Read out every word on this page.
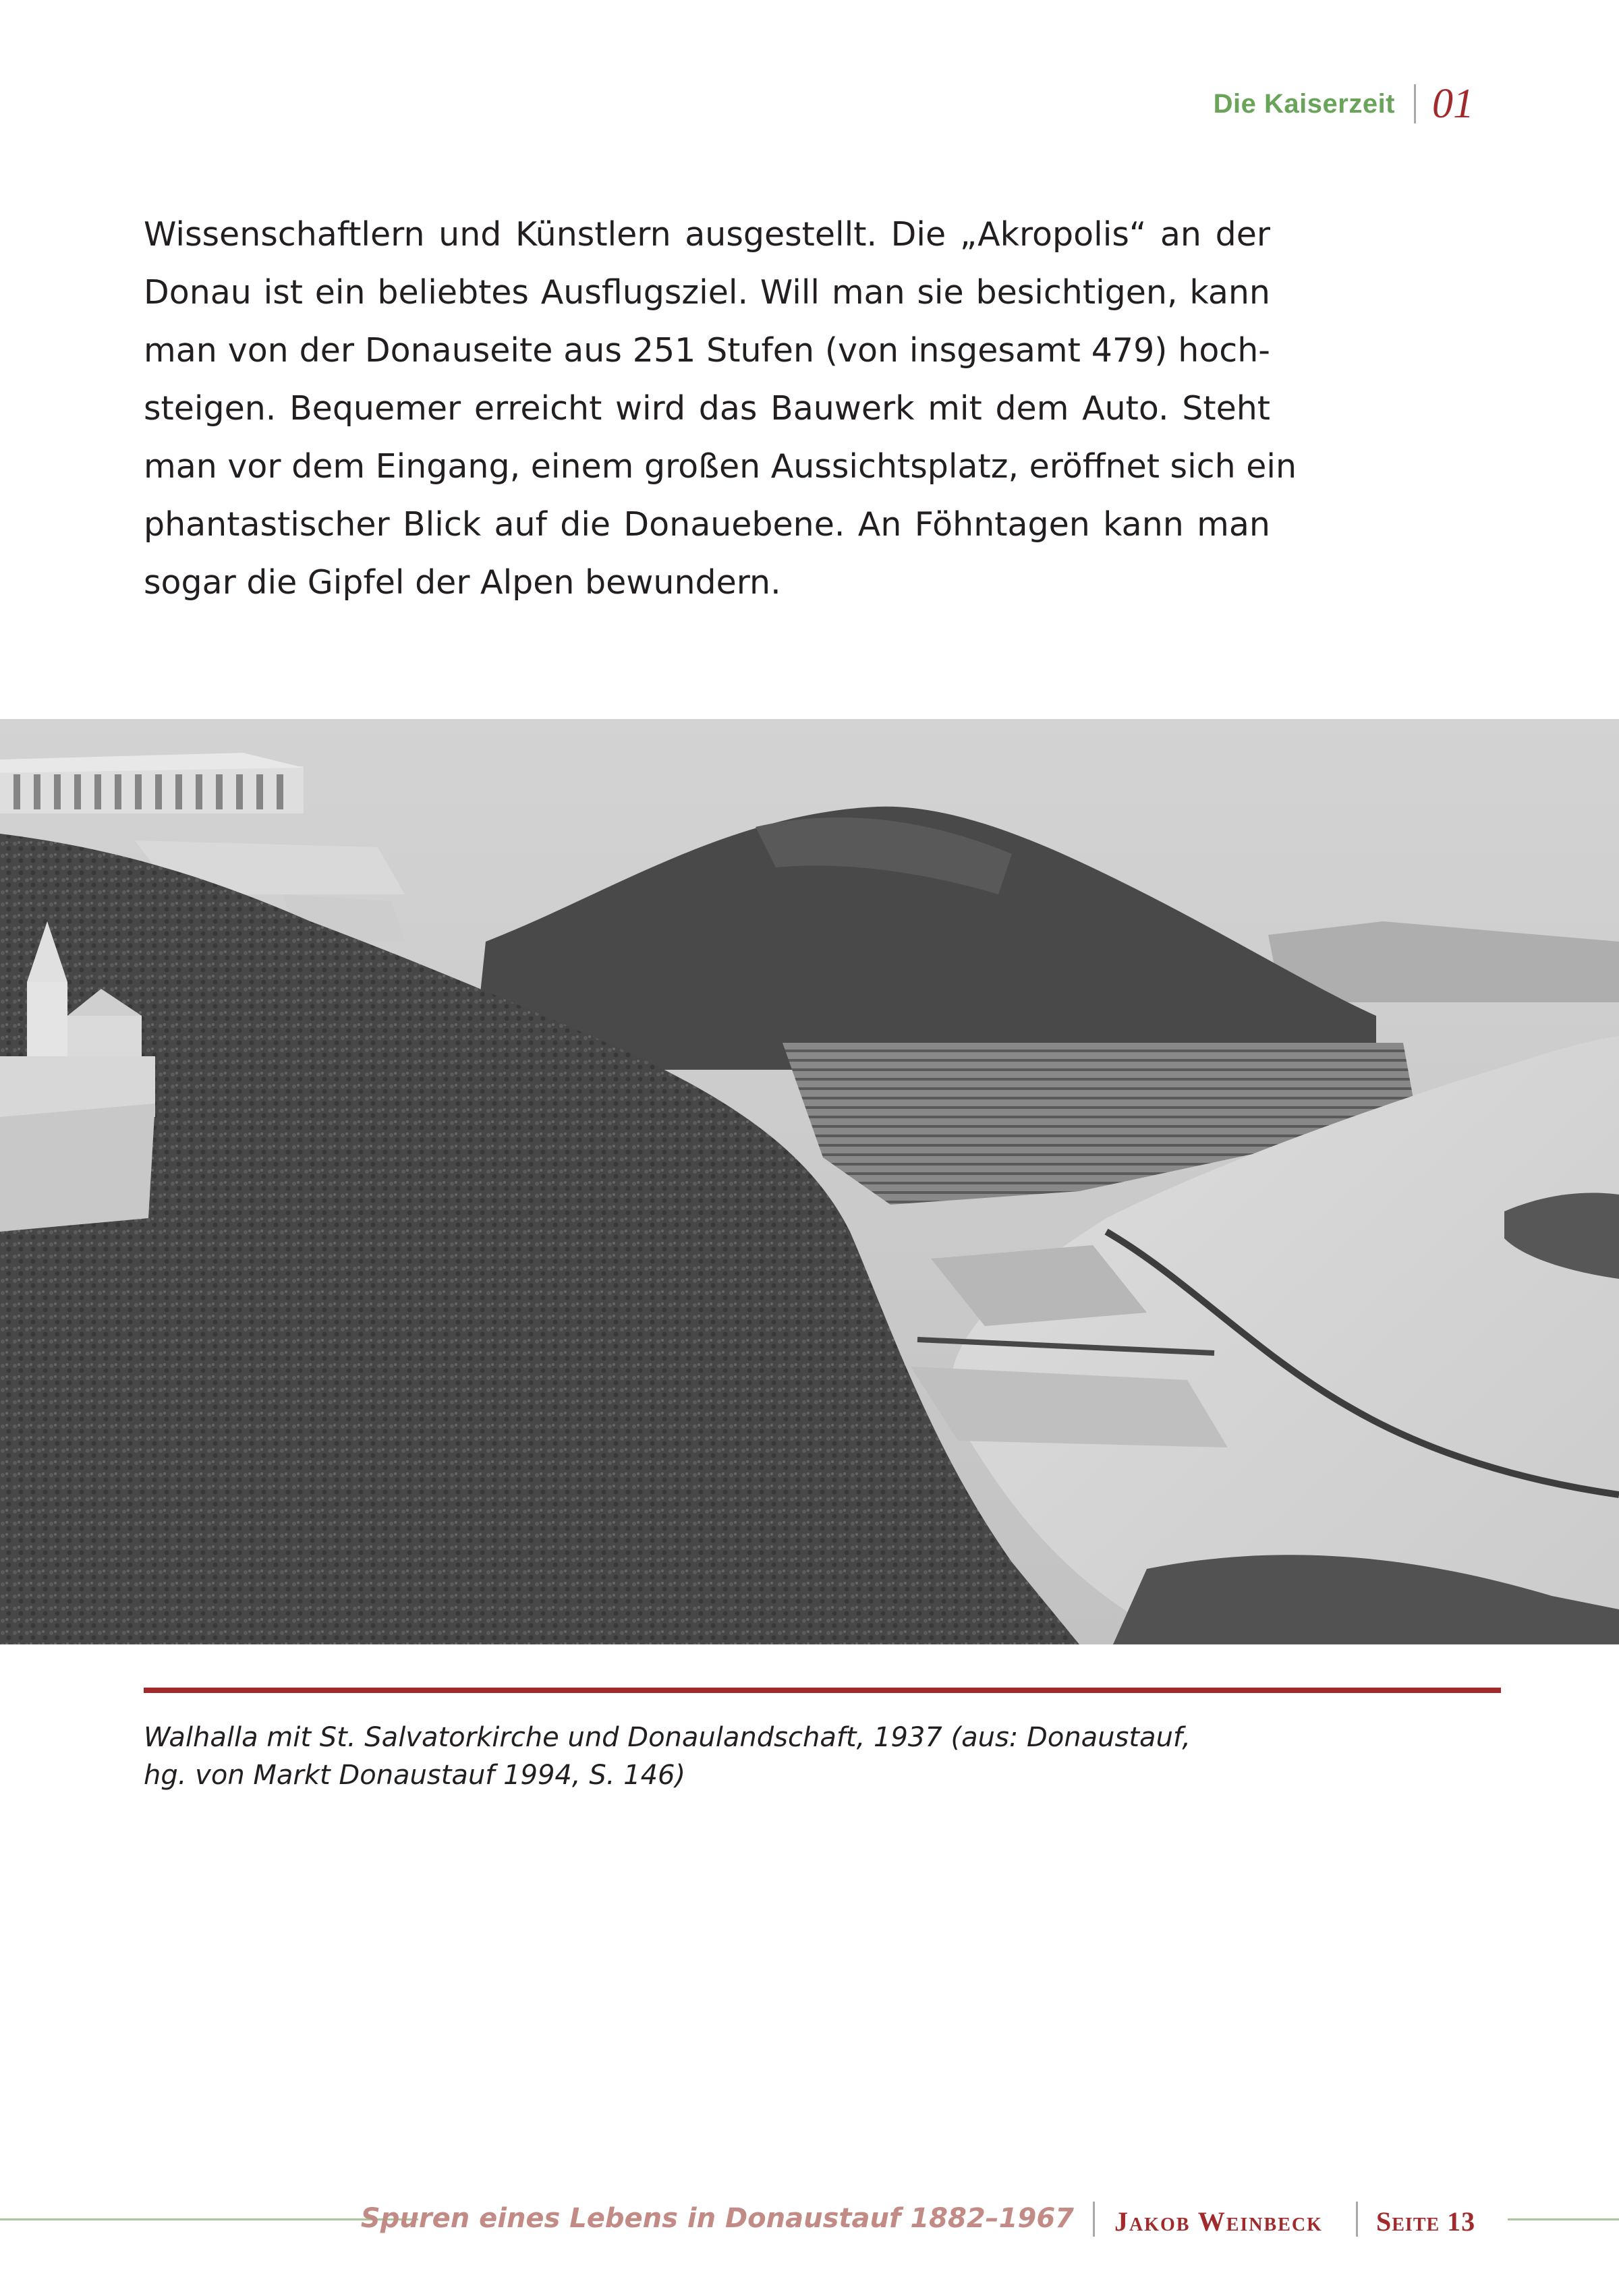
Die Kaiserzeit 01

Wissenschaftlern und Künstlern ausgestellt. Die „Akropolis“ an der
Donau ist ein beliebtes Ausflugsziel. Will man sie besichtigen, kann
man von der Donauseite aus 251 Stufen (von insgesamt 479) hoch-
steigen. Bequemer erreicht wird das Bauwerk mit dem Auto. Steht
man vor dem Eingang, einem großen Aussichtsplatz, eröffnet sich ein
phantastischer Blick auf die Donauebene. An Föhntagen kann man
sogar die Gipfel der Alpen bewundern.

Walhalla mit St. Salvatorkirche und Donaulandschaft, 1937 (aus: Donaustauf,
hg. von Markt Donaustauf 1994, S. 146)
Spuren eines Lebens in Donaustauf 1882–1967 Jakob Weinbeck Seite 13
